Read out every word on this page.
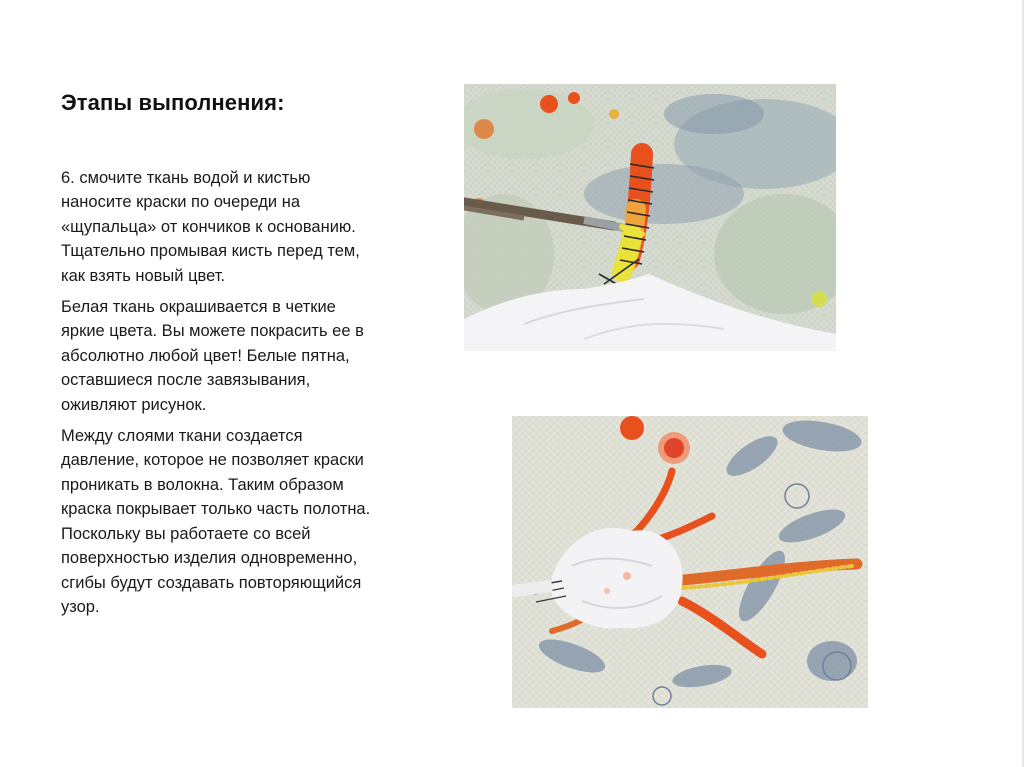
Этапы выполнения:

6. смочите ткань водой и кистью наносите краски по очереди на «щупальца» от кончиков к основанию. Тщательно промывая кисть перед тем, как взять новый цвет.

Белая ткань окрашивается в четкие яркие цвета. Вы можете покрасить ее в абсолютно любой цвет! Белые пятна, оставшиеся после завязывания, оживляют рисунок.

Между слоями ткани создается давление, которое не позволяет краски проникать в волокна. Таким образом краска покрывает только часть полотна. Поскольку вы работаете со всей поверхностью изделия одновременно, сгибы будут создавать повторяющийся узор.
